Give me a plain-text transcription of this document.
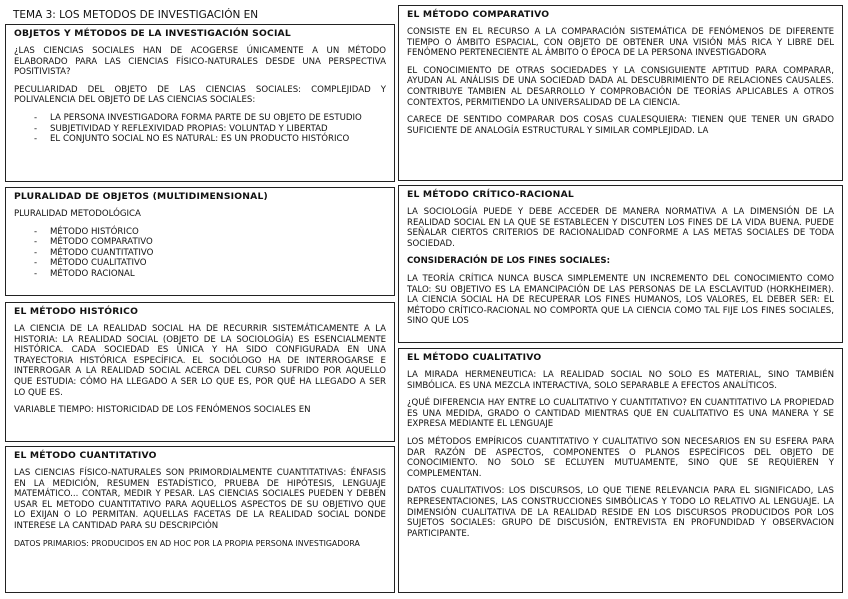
TEMA 3: LOS METODOS DE INVESTIGACIÓN EN
OBJETOS Y MÉTODOS DE LA INVESTIGACIÓN SOCIAL

¿LAS CIENCIAS SOCIALES HAN DE ACOGERSE ÚNICAMENTE A UN MÉTODO ELABORADO PARA LAS CIENCIAS FÍSICO-NATURALES DESDE UNA PERSPECTIVA POSITIVISTA?

PECULIARIDAD DEL OBJETO DE LAS CIENCIAS SOCIALES: COMPLEJIDAD Y POLIVALENCIA DEL OBJETO DE LAS CIENCIAS SOCIALES:

- LA PERSONA INVESTIGADORA FORMA PARTE DE SU OBJETO DE ESTUDIO
- SUBJETIVIDAD Y REFLEXIVIDAD PROPIAS: VOLUNTAD Y LIBERTAD
- EL CONJUNTO SOCIAL NO ES NATURAL: ES UN PRODUCTO HISTÓRICO
PLURALIDAD DE OBJETOS (MULTIDIMENSIONAL)

PLURALIDAD METODOLÓGICA

- MÉTODO HISTÓRICO
- MÉTODO COMPARATIVO
- MÉTODO CUANTITATIVO
- MÉTODO CUALITATIVO
- MÉTODO RACIONAL
EL MÉTODO HISTÓRICO

LA CIENCIA DE LA REALIDAD SOCIAL HA DE RECURRIR SISTEMÁTICAMENTE A LA HISTORIA: LA REALIDAD SOCIAL (OBJETO DE LA SOCIOLOGÍA) ES ESENCIALMENTE HISTÓRICA. CADA SOCIEDAD ES ÚNICA Y HA SIDO CONFIGURADA EN UNA TRAYECTORIA HISTÓRICA ESPECÍFICA. EL SOCIÓLOGO HA DE INTERROGARSE E INTERROGAR A LA REALIDAD SOCIAL ACERCA DEL CURSO SUFRIDO POR AQUELLO QUE ESTUDIA: CÓMO HA LLEGADO A SER LO QUE ES, POR QUÉ HA LLEGADO A SER LO QUE ES.

VARIABLE TIEMPO: HISTORICIDAD DE LOS FENÓMENOS SOCIALES EN

EL MÉTODO CUANTITATIVO

LAS CIENCIAS FÍSICO-NATURALES SON PRIMORDIALMENTE CUANTITATIVAS: ÉNFASIS EN LA MEDICIÓN, RESUMEN ESTADÍSTICO, PRUEBA DE HIPÓTESIS, LENGUAJE MATEMÁTICO... CONTAR, MEDIR Y PESAR. LAS CIENCIAS SOCIALES PUEDEN Y DEBEN USAR EL METODO CUANTITATIVO PARA AQUELLOS ASPECTOS DE SU OBJETIVO QUE LO EXIJAN O LO PERMITAN. AQUELLAS FACETAS DE LA REALIDAD SOCIAL DONDE INTERESE LA CANTIDAD PARA SU DESCRIPCIÓN

DATOS PRIMARIOS: PRODUCIDOS EN AD HOC POR LA PROPIA PERSONA INVESTIGADORA

EL MÉTODO COMPARATIVO

CONSISTE EN EL RECURSO A LA COMPARACIÓN SISTEMÁTICA DE FENÓMENOS DE DIFERENTE TIEMPO O ÁMBITO ESPACIAL, CON OBJETO DE OBTENER UNA VISIÓN MÁS RICA Y LIBRE DEL FENÓMENO PERTENECIENTE AL ÁMBITO O ÉPOCA DE LA PERSONA INVESTIGADORA

EL CONOCIMIENTO DE OTRAS SOCIEDADES Y LA CONSIGUIENTE APTITUD PARA COMPARAR, AYUDAN AL ANÁLISIS DE UNA SOCIEDAD DADA AL DESCUBRIMIENTO DE RELACIONES CAUSALES. CONTRIBUYE TAMBIEN AL DESARROLLO Y COMPROBACIÓN DE TEORÍAS APLICABLES A OTROS CONTEXTOS, PERMITIENDO LA UNIVERSALIDAD DE LA CIENCIA.

CARECE DE SENTIDO COMPARAR DOS COSAS CUALESQUIERA: TIENEN QUE TENER UN GRADO SUFICIENTE DE ANALOGÍA ESTRUCTURAL Y SIMILAR COMPLEJIDAD. LA

EL MÉTODO CRÍTICO-RACIONAL

LA SOCIOLOGÍA PUEDE Y DEBE ACCEDER DE MANERA NORMATIVA A LA DIMENSIÓN DE LA REALIDAD SOCIAL EN LA QUE SE ESTABLECEN Y DISCUTEN LOS FINES DE LA VIDA BUENA. PUEDE SEÑALAR CIERTOS CRITERIOS DE RACIONALIDAD CONFORME A LAS METAS SOCIALES DE TODA SOCIEDAD.

CONSIDERACIÓN DE LOS FINES SOCIALES:

LA TEORÍA CRÍTICA NUNCA BUSCA SIMPLEMENTE UN INCREMENTO DEL CONOCIMIENTO COMO TALO: SU OBJETIVO ES LA EMANCIPACIÓN DE LAS PERSONAS DE LA ESCLAVITUD (HORKHEIMER). LA CIENCIA SOCIAL HA DE RECUPERAR LOS FINES HUMANOS, LOS VALORES, EL DEBER SER: EL MÉTODO CRÍTICO-RACIONAL NO COMPORTA QUE LA CIENCIA COMO TAL FIJE LOS FINES SOCIALES, SINO QUE LOS

EL MÉTODO CUALITATIVO

LA MIRADA HERMENEUTICA: LA REALIDAD SOCIAL NO SOLO ES MATERIAL, SINO TAMBIÉN SIMBÓLICA. ES UNA MEZCLA INTERACTIVA, SOLO SEPARABLE A EFECTOS ANALÍTICOS.

¿QUÉ DIFERENCIA HAY ENTRE LO CUALITATIVO Y CUANTITATIVO? EN CUANTITATIVO LA PROPIEDAD ES UNA MEDIDA, GRADO O CANTIDAD MIENTRAS QUE EN CUALITATIVO ES UNA MANERA Y SE EXPRESA MEDIANTE EL LENGUAJE

LOS MÉTODOS EMPÍRICOS CUANTITATIVO Y CUALITATIVO SON NECESARIOS EN SU ESFERA PARA DAR RAZÓN DE ASPECTOS, COMPONENTES O PLANOS ESPECÍFICOS DEL OBJETO DE CONOCIMIENTO. NO SOLO SE ECLUYEN MUTUAMENTE, SINO QUE SE REQUIEREN Y COMPLEMENTAN.

DATOS CUALITATIVOS: LOS DISCURSOS, LO QUE TIENE RELEVANCIA PARA EL SIGNIFICADO, LAS REPRESENTACIONES, LAS CONSTRUCCIONES SIMBÓLICAS Y TODO LO RELATIVO AL LENGUAJE. LA DIMENSIÓN CUALITATIVA DE LA REALIDAD RESIDE EN LOS DISCURSOS PRODUCIDOS POR LOS SUJETOS SOCIALES: GRUPO DE DISCUSIÓN, ENTREVISTA EN PROFUNDIDAD Y OBSERVACION PARTICIPANTE.
